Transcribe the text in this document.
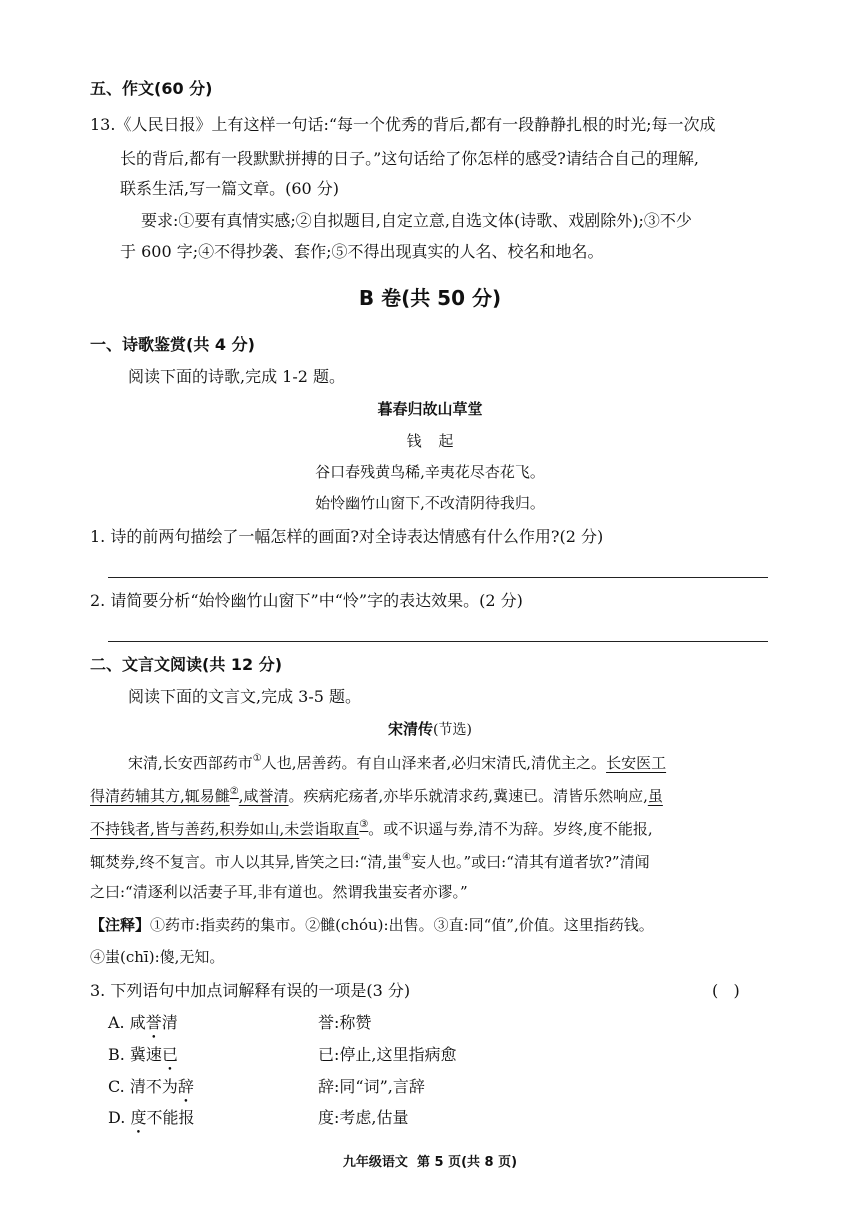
五、作文(60 分)
13.《人民日报》上有这样一句话:“每一个优秀的背后,都有一段静静扎根的时光;每一次成
长的背后,都有一段默默拼搏的日子。”这句话给了你怎样的感受?请结合自己的理解,
联系生活,写一篇文章。(60 分)
要求:①要有真情实感;②自拟题目,自定立意,自选文体(诗歌、戏剧除外);③不少
于 600 字;④不得抄袭、套作;⑤不得出现真实的人名、校名和地名。
B 卷(共 50 分)
一、诗歌鉴赏(共 4 分)
阅读下面的诗歌,完成 1-2 题。
暮春归故山草堂
钱 起
谷口春残黄鸟稀,辛夷花尽杏花飞。
始怜幽竹山窗下,不改清阴待我归。
1. 诗的前两句描绘了一幅怎样的画面?对全诗表达情感有什么作用?(2 分)
2. 请简要分析“始怜幽竹山窗下”中“怜”字的表达效果。(2 分)
二、文言文阅读(共 12 分)
阅读下面的文言文,完成 3-5 题。
宋清传(节选)
宋清,长安西部药市①人也,居善药。有自山泽来者,必归宋清氏,清优主之。长安医工
得清药辅其方,辄易雠②,咸誉清。疾病疕疡者,亦毕乐就清求药,冀速已。清皆乐然响应,虽
不持钱者,皆与善药,积券如山,未尝诣取直③。或不识遥与券,清不为辞。岁终,度不能报,
辄焚券,终不复言。市人以其异,皆笑之曰:“清,蚩④妄人也。”或曰:“清其有道者欤?”清闻
之曰:“清逐利以活妻子耳,非有道也。然谓我蚩妄者亦谬。”
【注释】①药市:指卖药的集市。②雠(chóu):出售。③直:同“值”,价值。这里指药钱。
④蚩(chī):傻,无知。
3. 下列语句中加点词解释有误的一项是(3 分)	(   )
A. 咸誉清	誉:称赞
B. 冀速已	已:停止,这里指病愈
C. 清不为辞	辞:同“词”,言辞
D. 度不能报	度:考虑,估量
九年级语文  第 5 页(共 8 页)
